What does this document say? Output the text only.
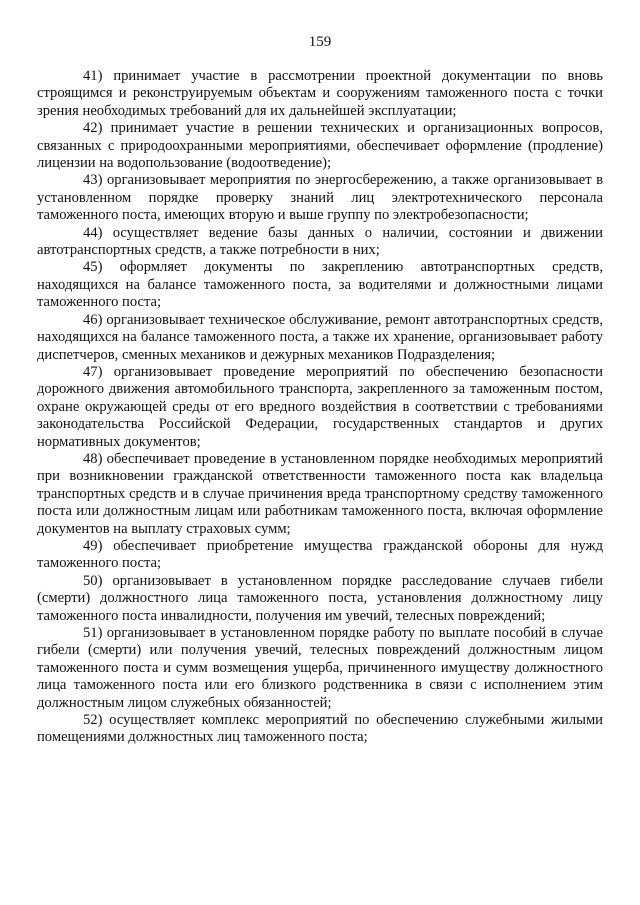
159

41) принимает участие в рассмотрении проектной документации по вновь строящимся и реконструируемым объектам и сооружениям таможенного поста с точки зрения необходимых требований для их дальнейшей эксплуатации;

42) принимает участие в решении технических и организационных вопросов, связанных с природоохранными мероприятиями, обеспечивает оформление (продление) лицензии на водопользование (водоотведение);

43) организовывает мероприятия по энергосбережению, а также организовывает в установленном порядке проверку знаний лиц электротехнического персонала таможенного поста, имеющих вторую и выше группу по электробезопасности;

44) осуществляет ведение базы данных о наличии, состоянии и движении автотранспортных средств, а также потребности в них;

45) оформляет документы по закреплению автотранспортных средств, находящихся на балансе таможенного поста, за водителями и должностными лицами таможенного поста;

46) организовывает техническое обслуживание, ремонт автотранспортных средств, находящихся на балансе таможенного поста, а также их хранение, организовывает работу диспетчеров, сменных механиков и дежурных механиков Подразделения;

47) организовывает проведение мероприятий по обеспечению безопасности дорожного движения автомобильного транспорта, закрепленного за таможенным постом, охране окружающей среды от его вредного воздействия в соответствии с требованиями законодательства Российской Федерации, государственных стандартов и других нормативных документов;

48) обеспечивает проведение в установленном порядке необходимых мероприятий при возникновении гражданской ответственности таможенного поста как владельца транспортных средств и в случае причинения вреда транспортному средству таможенного поста или должностным лицам или работникам таможенного поста, включая оформление документов на выплату страховых сумм;

49) обеспечивает приобретение имущества гражданской обороны для нужд таможенного поста;

50) организовывает в установленном порядке расследование случаев гибели (смерти) должностного лица таможенного поста, установления должностному лицу таможенного поста инвалидности, получения им увечий, телесных повреждений;

51) организовывает в установленном порядке работу по выплате пособий в случае гибели (смерти) или получения увечий, телесных повреждений должностным лицом таможенного поста и сумм возмещения ущерба, причиненного имуществу должностного лица таможенного поста или его близкого родственника в связи с исполнением этим должностным лицом служебных обязанностей;

52) осуществляет комплекс мероприятий по обеспечению служебными жилыми помещениями должностных лиц таможенного поста;
